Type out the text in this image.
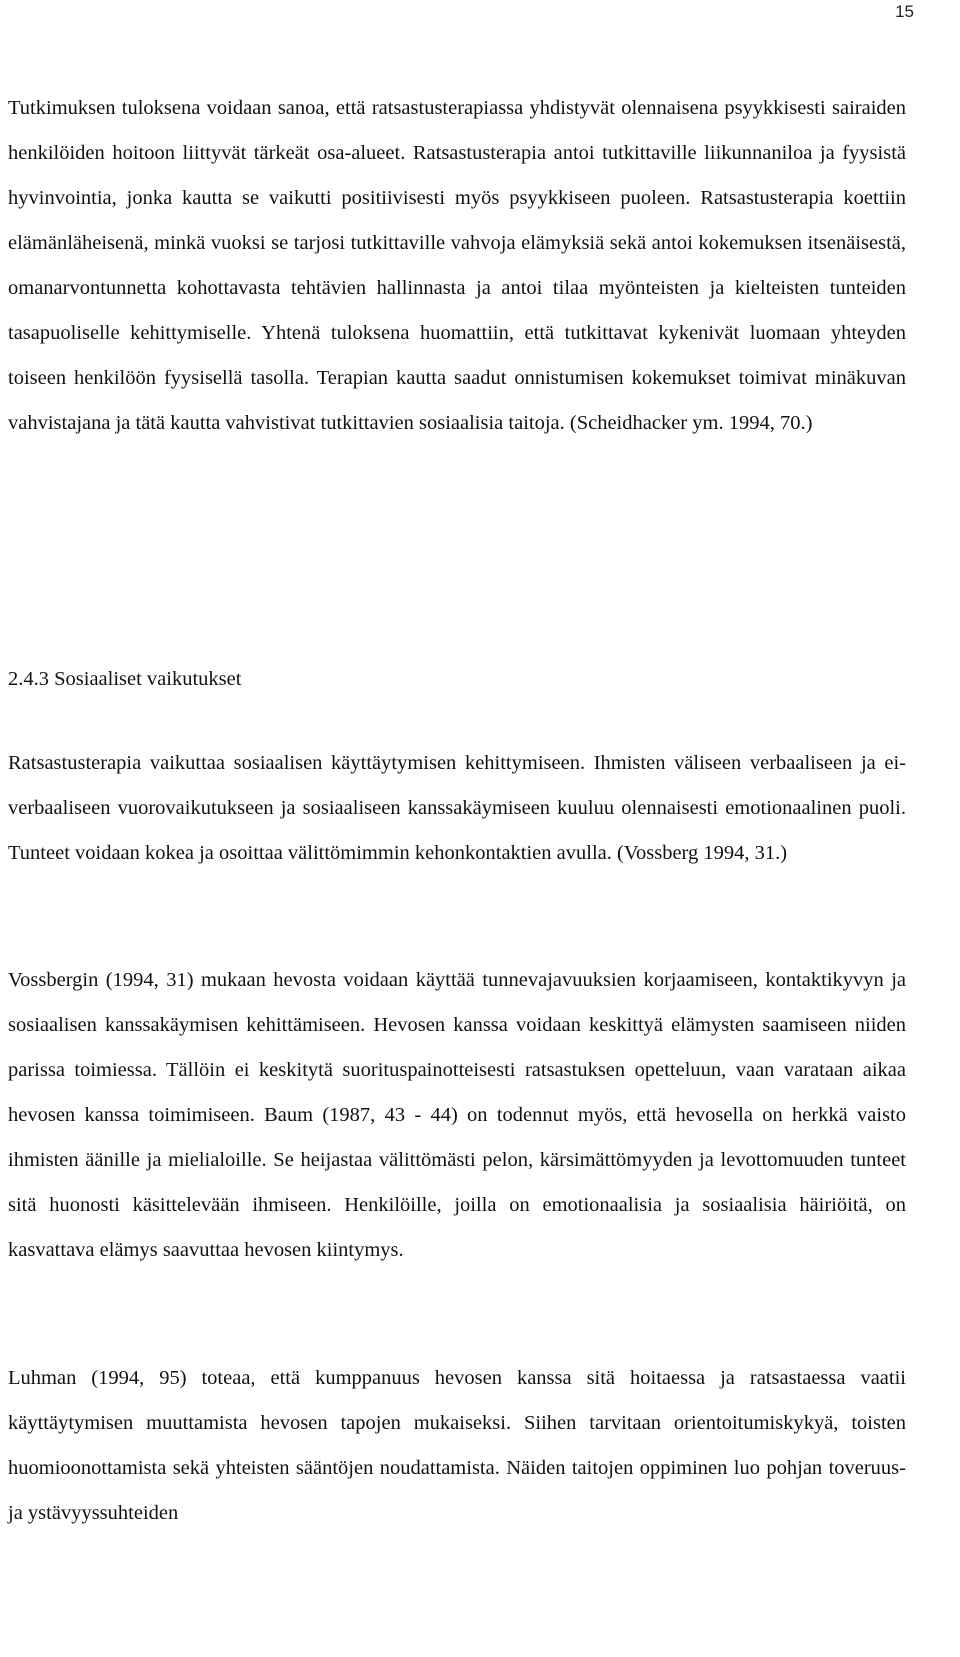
15

Tutkimuksen tuloksena voidaan sanoa, että ratsastusterapiassa yhdistyvät olennaisena psyykkisesti sairaiden henkilöiden hoitoon liittyvät tärkeät osa-alueet. Ratsastusterapia antoi tutkittaville liikunnaniloa ja fyysistä hyvinvointia, jonka kautta se vaikutti positiivisesti myös psyykkiseen puoleen. Ratsastusterapia koettiin elämänläheisenä, minkä vuoksi se tarjosi tutkittaville vahvoja elämyksiä sekä antoi kokemuksen itsenäisestä, omanarvontunnetta kohottavasta tehtävien hallinnasta ja antoi tilaa myönteisten ja kielteisten tunteiden tasapuoliselle kehittymiselle. Yhtenä tuloksena huomattiin, että tutkittavat kykenivät luomaan yhteyden toiseen henkilöön fyysisellä tasolla. Terapian kautta saadut onnistumisen kokemukset toimivat minäkuvan vahvistajana ja tätä kautta vahvistivat tutkittavien sosiaalisia taitoja. (Scheidhacker ym. 1994, 70.)

2.4.3 Sosiaaliset vaikutukset

Ratsastusterapia vaikuttaa sosiaalisen käyttäytymisen kehittymiseen. Ihmisten väliseen verbaaliseen ja ei-verbaaliseen vuorovaikutukseen ja sosiaaliseen kanssakäymiseen kuuluu olennaisesti emotionaalinen puoli. Tunteet voidaan kokea ja osoittaa välittömimmin kehonkontaktien avulla. (Vossberg 1994, 31.)

Vossbergin (1994, 31) mukaan hevosta voidaan käyttää tunnevajavuuksien korjaamiseen, kontaktikyvyn ja sosiaalisen kanssakäymisen kehittämiseen. Hevosen kanssa voidaan keskittyä elämysten saamiseen niiden parissa toimiessa. Tällöin ei keskitytä suorituspainotteisesti ratsastuksen opetteluun, vaan varataan aikaa hevosen kanssa toimimiseen. Baum (1987, 43 - 44) on todennut myös, että hevosella on herkkä vaisto ihmisten äänille ja mielialoille. Se heijastaa välittömästi pelon, kärsimättömyyden ja levottomuuden tunteet sitä huonosti käsittelevään ihmiseen. Henkilöille, joilla on emotionaalisia ja sosiaalisia häiriöitä, on kasvattava elämys saavuttaa hevosen kiintymys.

Luhman (1994, 95) toteaa, että kumppanuus hevosen kanssa sitä hoitaessa ja ratsastaessa vaatii käyttäytymisen muuttamista hevosen tapojen mukaiseksi. Siihen tarvitaan orientoitumiskykyä, toisten huomioonottamista sekä yhteisten sääntöjen noudattamista. Näiden taitojen oppiminen luo pohjan toveruus- ja ystävyyssuhteiden
